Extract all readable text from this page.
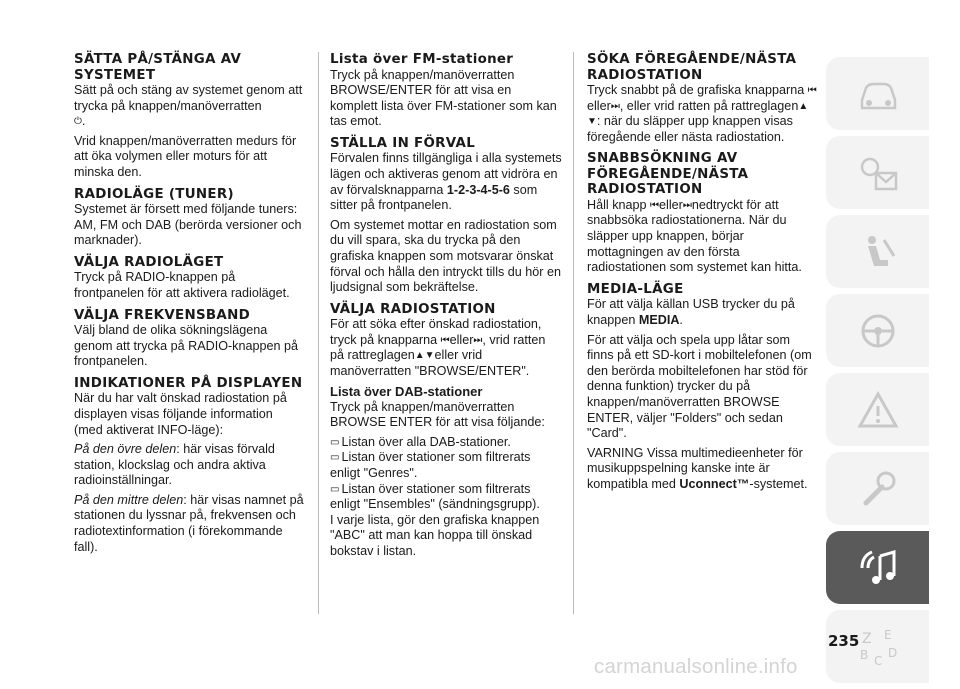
SÄTTA PÅ/STÄNGA AV SYSTEMET

Sätt på och stäng av systemet genom att trycka på knappen/manöverratten
⏻.

Vrid knappen/manöverratten medurs för att öka volymen eller moturs för att minska den.

RADIOLÄGE (TUNER)

Systemet är försett med följande tuners: AM, FM och DAB (berörda versioner och marknader).

VÄLJA RADIOLÄGET

Tryck på RADIO-knappen på frontpanelen för att aktivera radioläget.

VÄLJA FREKVENSBAND

Välj bland de olika sökningslägena genom att trycka på RADIO-knappen på frontpanelen.

INDIKATIONER PÅ DISPLAYEN

När du har valt önskad radiostation på displayen visas följande information (med aktiverat INFO-läge):

På den övre delen: här visas förvald station, klockslag och andra aktiva radioinställningar.

På den mittre delen: här visas namnet på stationen du lyssnar på, frekvensen och radiotextinformation (i förekommande fall).

Lista över FM-stationer

Tryck på knappen/manöverratten BROWSE/ENTER för att visa en komplett lista över FM-stationer som kan tas emot.

STÄLLA IN FÖRVAL

Förvalen finns tillgängliga i alla systemets lägen och aktiveras genom att vidröra en av förvalsknapparna 1-2-3-4-5-6 som sitter på frontpanelen.

Om systemet mottar en radiostation som du vill spara, ska du trycka på den grafiska knappen som motsvarar önskat förval och hålla den intryckt tills du hör en ljudsignal som bekräftelse.

VÄLJA RADIOSTATION

För att söka efter önskad radiostation, tryck på knapparna ⏮eller⏭, vrid ratten på rattreglagen▲▼eller vrid manöverratten "BROWSE/ENTER".

Lista över DAB-stationer

Tryck på knappen/manöverratten BROWSE ENTER för att visa följande:

▭ Listan över alla DAB-stationer.
▭ Listan över stationer som filtrerats enligt "Genres".
▭ Listan över stationer som filtrerats enligt "Ensembles" (sändningsgrupp).

I varje lista, gör den grafiska knappen "ABC" att man kan hoppa till önskad bokstav i listan.

SÖKA FÖREGÅENDE/NÄSTA RADIOSTATION

Tryck snabbt på de grafiska knapparna ⏮eller⏭, eller vrid ratten på rattreglagen▲▼: när du släpper upp knappen visas föregående eller nästa radiostation.

SNABBSÖKNING AV FÖREGÅENDE/NÄSTA RADIOSTATION

Håll knapp ⏮eller⏭nedtryckt för att snabbsöka radiostationerna. När du släpper upp knappen, börjar mottagningen av den första radiostationen som systemet kan hitta.

MEDIA-LÄGE

För att välja källan USB trycker du på knappen MEDIA.

För att välja och spela upp låtar som finns på ett SD-kort i mobiltelefonen (om den berörda mobiltelefonen har stöd för denna funktion) trycker du på knappen/manöverratten BROWSE ENTER, väljer "Folders" och sedan "Card".

VARNING Vissa multimedieenheter för musikuppspelning kanske inte är kompatibla med Uconnect™-systemet.

Z E
B C
D
235
carmanualsonline.info
